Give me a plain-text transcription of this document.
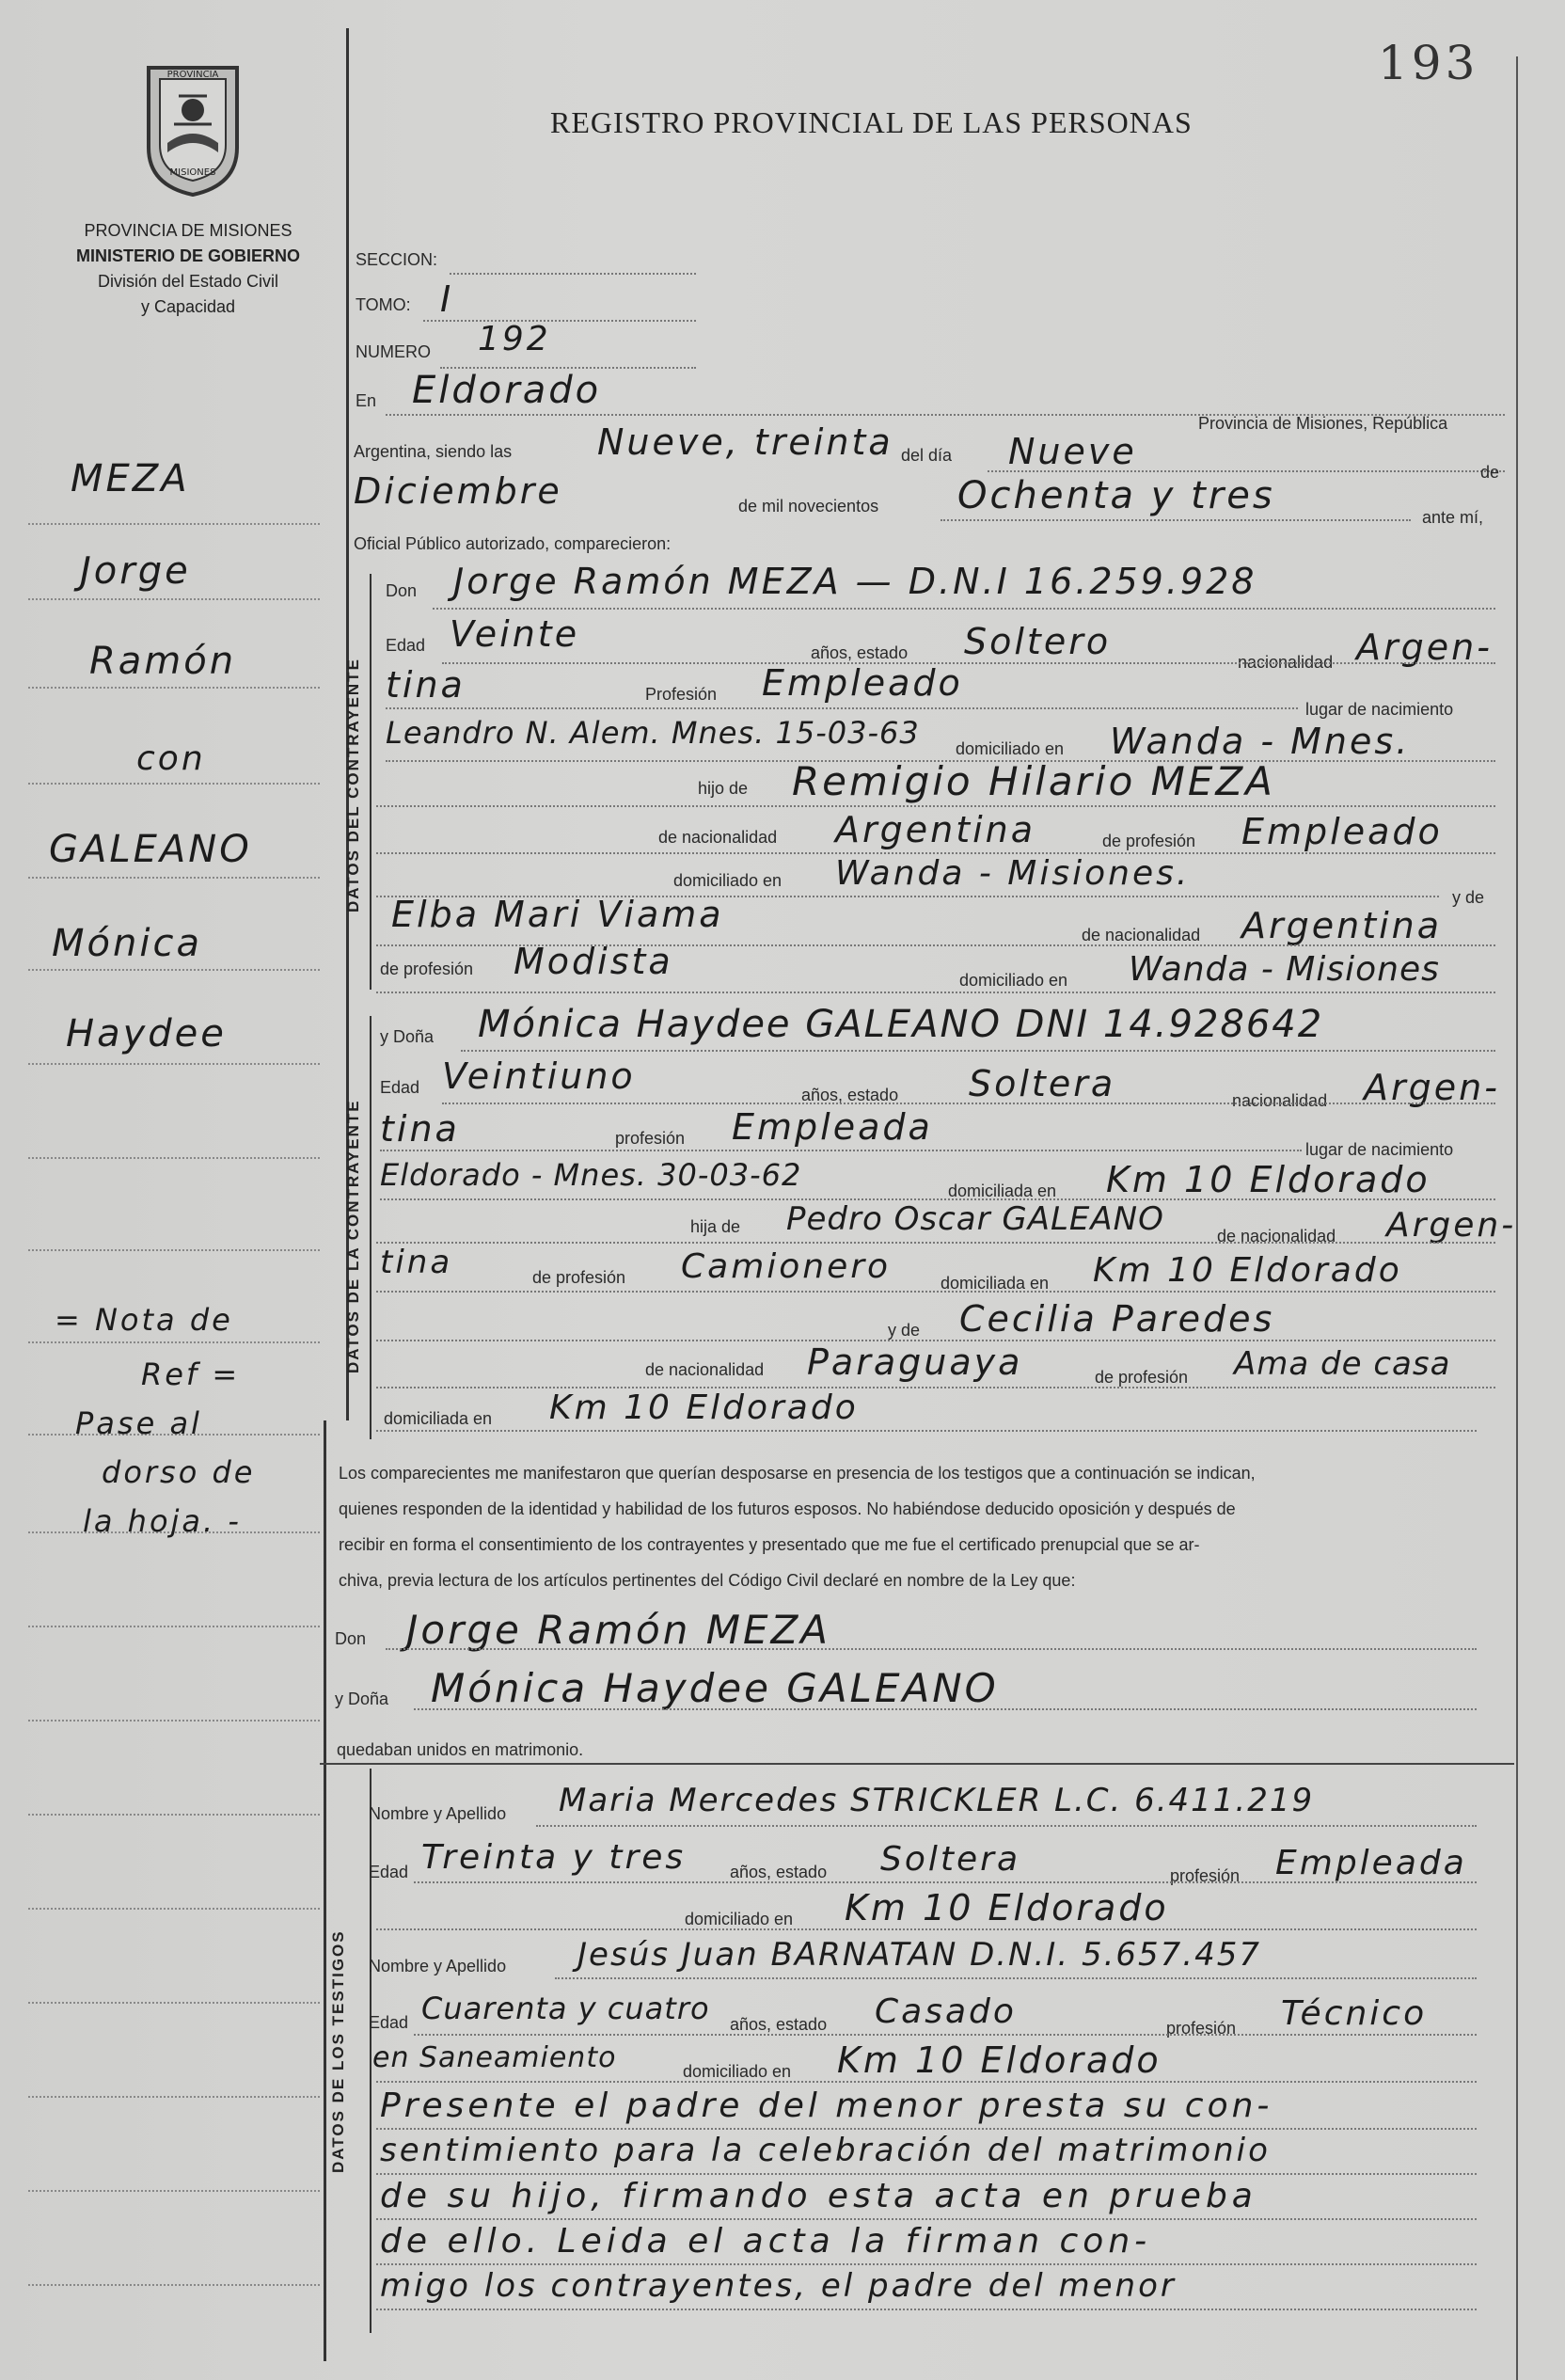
193
PROVINCIA
MISIONES
PROVINCIA DE MISIONES
MINISTERIO DE GOBIERNO
División del Estado Civil
y Capacidad
REGISTRO PROVINCIAL DE LAS PERSONAS
MEZA
Jorge
Ramón
con
GALEANO
Mónica
Haydee
= Nota de
Ref =
Pase al
dorso de
la hoja. -
DATOS DEL CONTRAYENTE
DATOS DE LA CONTRAYENTE
DATOS DE LOS TESTIGOS
SECCION:
TOMO: I
NUMERO 192
En Eldorado
Provincia de Misiones, República
Argentina, siendo las Nueve, treinta del día Nueve	de
Diciembre	de mil novecientos Ochenta y tres	ante mí,
Oficial Público autorizado, comparecieron:
Don Jorge Ramón MEZA — D.N.I 16.259.928
Edad Veinte	años, estado Soltero	nacionalidad Argen-
tina	Profesión Empleado
lugar de nacimiento
Leandro N. Alem. Mnes. 15-03-63 domiciliado en Wanda - Mnes.
hijo de Remigio Hilario MEZA
de nacionalidad Argentina	de profesión Empleado
domiciliado en Wanda - Misiones.
y de
Elba Mari Viama	de nacionalidad Argentina
de profesión Modista	domiciliado en Wanda - Misiones
y Doña Mónica Haydee GALEANO DNI 14.928642
Edad Veintiuno	años, estado Soltera	nacionalidad Argen-
tina	profesión Empleada
lugar de nacimiento
Eldorado - Mnes. 30-03-62	domiciliada en Km 10 Eldorado
hija de Pedro Oscar GALEANO	de nacionalidad Argen-
tina	de profesión Camionero	domiciliada en Km 10 Eldorado
y de Cecilia Paredes
de nacionalidad Paraguaya	de profesión Ama de casa
domiciliada en Km 10 Eldorado
Los comparecientes me manifestaron que querían desposarse en presencia de los testigos que a continuación se indican,
quienes responden de la identidad y habilidad de los futuros esposos. No habiéndose deducido oposición y después de
recibir en forma el consentimiento de los contrayentes y presentado que me fue el certificado prenupcial que se ar-
chiva, previa lectura de los artículos pertinentes del Código Civil declaré en nombre de la Ley que:
Don Jorge Ramón MEZA
y Doña Mónica Haydee GALEANO
quedaban unidos en matrimonio.
Nombre y Apellido Maria Mercedes STRICKLER L.C. 6.411.219
Edad Treinta y tres	años, estado Soltera	profesión Empleada
domiciliado en Km 10 Eldorado
Nombre y Apellido Jesús Juan BARNATAN D.N.I. 5.657.457
Edad Cuarenta y cuatro años, estado Casado	profesión Técnico
en Saneamiento	domiciliado en Km 10 Eldorado
Presente el padre del menor presta su con-
sentimiento para la celebración del matrimonio
de su hijo, firmando esta acta en prueba
de ello. Leida el acta la firman con-
migo los contrayentes, el padre del menor
